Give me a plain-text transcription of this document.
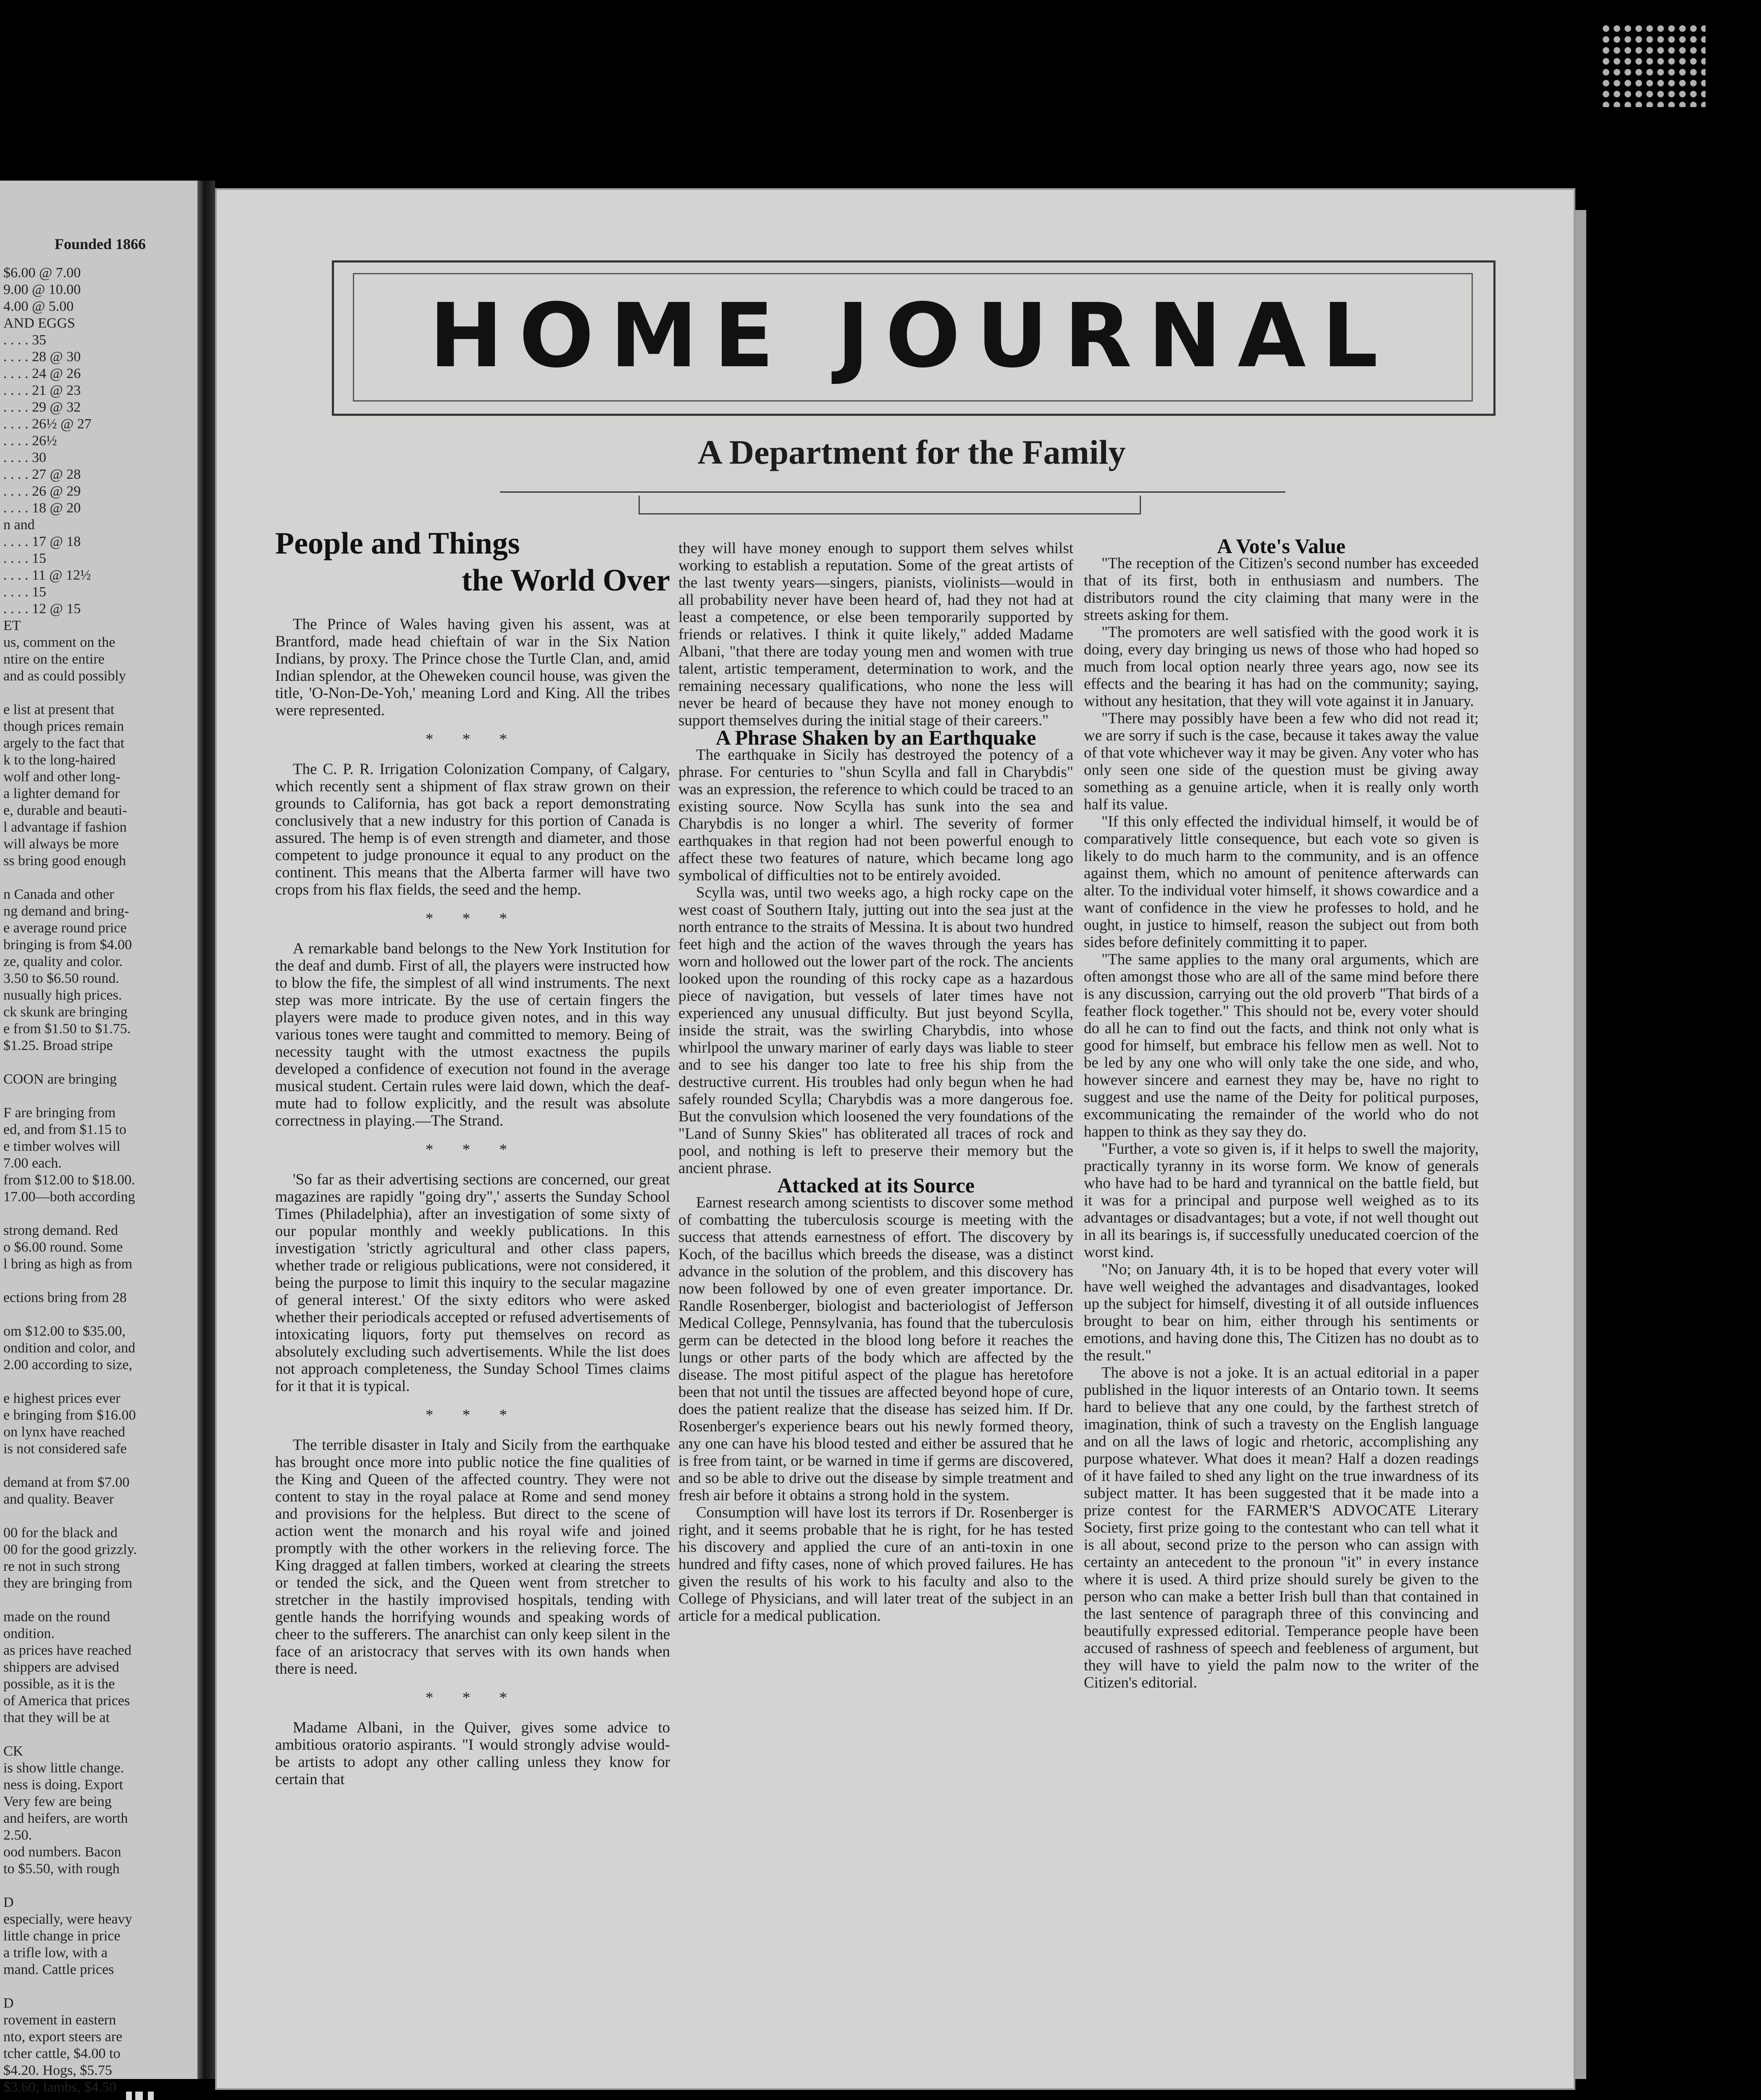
Founded 1866
$6.00 @ 7.00
9.00 @ 10.00
4.00 @ 5.00
AND EGGS
. . . . 35
. . . . 28 @ 30
. . . . 24 @ 26
. . . . 21 @ 23
. . . . 29 @ 32
. . . . 26½ @ 27
. . . . 26½
. . . . 30
. . . . 27 @ 28
. . . . 26 @ 29
. . . . 18 @ 20
n and
. . . . 17 @ 18
. . . . 15
. . . . 11 @ 12½
. . . . 15
. . . . 12 @ 15
ET
us, comment on the
ntire on the entire
and as could possibly

e list at present that
though prices remain
argely to the fact that
k to the long-haired
wolf and other long-
a lighter demand for
e, durable and beauti-
l advantage if fashion
will always be more
ss bring good enough

n Canada and other
ng demand and bring-
e average round price
bringing is from $4.00
ze, quality and color.
3.50 to $6.50 round.
nusually high prices.
ck skunk are bringing
e from $1.50 to $1.75.
$1.25. Broad stripe

COON are bringing

F are bringing from
ed, and from $1.15 to
e timber wolves will
7.00 each.
from $12.00 to $18.00.
17.00—both according

strong demand. Red
o $6.00 round. Some
l bring as high as from

ections bring from 28

om $12.00 to $35.00,
ondition and color, and
2.00 according to size,

e highest prices ever
e bringing from $16.00
on lynx have reached
is not considered safe

demand at from $7.00
and quality. Beaver

00 for the black and
00 for the good grizzly.
re not in such strong
they are bringing from

made on the round
ondition.
as prices have reached
shippers are advised
possible, as it is the
of America that prices
that they will be at

CK
is show little change.
ness is doing. Export
Very few are being
and heifers, are worth
2.50.
ood numbers. Bacon
to $5.50, with rough

D
especially, were heavy
little change in price
a trifle low, with a
mand. Cattle prices

D
rovement in eastern
nto, export steers are
tcher cattle, $4.00 to
$4.20. Hogs, $5.75
$3.60; lambs, $4.50
HOME JOURNAL
A Department for the Family
People and Things
the World Over

The Prince of Wales having given his assent, was at Brantford, made head chieftain of war in the Six Nation Indians, by proxy. The Prince chose the Turtle Clan, and, amid Indian splendor, at the Oheweken council house, was given the title, 'O-Non-De-Yoh,' meaning Lord and King. All the tribes were represented.

* * *

The C. P. R. Irrigation Colonization Company, of Calgary, which recently sent a shipment of flax straw grown on their grounds to California, has got back a report demonstrating conclusively that a new industry for this portion of Canada is assured. The hemp is of even strength and diameter, and those competent to judge pronounce it equal to any product on the continent. This means that the Alberta farmer will have two crops from his flax fields, the seed and the hemp.

* * *

A remarkable band belongs to the New York Institution for the deaf and dumb. First of all, the players were instructed how to blow the fife, the simplest of all wind instruments. The next step was more intricate. By the use of certain fingers the players were made to produce given notes, and in this way various tones were taught and committed to memory. Being of necessity taught with the utmost exactness the pupils developed a confidence of execution not found in the average musical student. Certain rules were laid down, which the deaf-mute had to follow explicitly, and the result was absolute correctness in playing.—The Strand.

* * *

'So far as their advertising sections are concerned, our great magazines are rapidly "going dry",' asserts the Sunday School Times (Philadelphia), after an investigation of some sixty of our popular monthly and weekly publications. In this investigation 'strictly agricultural and other class papers, whether trade or religious publications, were not considered, it being the purpose to limit this inquiry to the secular magazine of general interest.' Of the sixty editors who were asked whether their periodicals accepted or refused advertisements of intoxicating liquors, forty put themselves on record as absolutely excluding such advertisements. While the list does not approach completeness, the Sunday School Times claims for it that it is typical.

* * *

The terrible disaster in Italy and Sicily from the earthquake has brought once more into public notice the fine qualities of the King and Queen of the affected country. They were not content to stay in the royal palace at Rome and send money and provisions for the helpless. But direct to the scene of action went the monarch and his royal wife and joined promptly with the other workers in the relieving force. The King dragged at fallen timbers, worked at clearing the streets or tended the sick, and the Queen went from stretcher to stretcher in the hastily improvised hospitals, tending with gentle hands the horrifying wounds and speaking words of cheer to the sufferers. The anarchist can only keep silent in the face of an aristocracy that serves with its own hands when there is need.

* * *

Madame Albani, in the Quiver, gives some advice to ambitious oratorio aspirants. "I would strongly advise would-be artists to adopt any other calling unless they know for certain that

they will have money enough to support them selves whilst working to establish a reputation. Some of the great artists of the last twenty years—singers, pianists, violinists—would in all probability never have been heard of, had they not had at least a competence, or else been temporarily supported by friends or relatives. I think it quite likely," added Madame Albani, "that there are today young men and women with true talent, artistic temperament, determination to work, and the remaining necessary qualifications, who none the less will never be heard of because they have not money enough to support themselves during the initial stage of their careers."

A Phrase Shaken by an Earthquake

The earthquake in Sicily has destroyed the potency of a phrase. For centuries to "shun Scylla and fall in Charybdis" was an expression, the reference to which could be traced to an existing source. Now Scylla has sunk into the sea and Charybdis is no longer a whirl. The severity of former earthquakes in that region had not been powerful enough to affect these two features of nature, which became long ago symbolical of difficulties not to be entirely avoided.

Scylla was, until two weeks ago, a high rocky cape on the west coast of Southern Italy, jutting out into the sea just at the north entrance to the straits of Messina. It is about two hundred feet high and the action of the waves through the years has worn and hollowed out the lower part of the rock. The ancients looked upon the rounding of this rocky cape as a hazardous piece of navigation, but vessels of later times have not experienced any unusual difficulty. But just beyond Scylla, inside the strait, was the swirling Charybdis, into whose whirlpool the unwary mariner of early days was liable to steer and to see his danger too late to free his ship from the destructive current. His troubles had only begun when he had safely rounded Scylla; Charybdis was a more dangerous foe. But the convulsion which loosened the very foundations of the "Land of Sunny Skies" has obliterated all traces of rock and pool, and nothing is left to preserve their memory but the ancient phrase.

Attacked at its Source

Earnest research among scientists to discover some method of combatting the tuberculosis scourge is meeting with the success that attends earnestness of effort. The discovery by Koch, of the bacillus which breeds the disease, was a distinct advance in the solution of the problem, and this discovery has now been followed by one of even greater importance. Dr. Randle Rosenberger, biologist and bacteriologist of Jefferson Medical College, Pennsylvania, has found that the tuberculosis germ can be detected in the blood long before it reaches the lungs or other parts of the body which are affected by the disease. The most pitiful aspect of the plague has heretofore been that not until the tissues are affected beyond hope of cure, does the patient realize that the disease has seized him. If Dr. Rosenberger's experience bears out his newly formed theory, any one can have his blood tested and either be assured that he is free from taint, or be warned in time if germs are discovered, and so be able to drive out the disease by simple treatment and fresh air before it obtains a strong hold in the system.

Consumption will have lost its terrors if Dr. Rosenberger is right, and it seems probable that he is right, for he has tested his discovery and applied the cure of an anti-toxin in one hundred and fifty cases, none of which proved failures. He has given the results of his work to his faculty and also to the College of Physicians, and will later treat of the subject in an article for a medical publication.

A Vote's Value

"The reception of the Citizen's second number has exceeded that of its first, both in enthusiasm and numbers. The distributors round the city claiming that many were in the streets asking for them.

"The promoters are well satisfied with the good work it is doing, every day bringing us news of those who had hoped so much from local option nearly three years ago, now see its effects and the bearing it has had on the community; saying, without any hesitation, that they will vote against it in January.

"There may possibly have been a few who did not read it; we are sorry if such is the case, because it takes away the value of that vote whichever way it may be given. Any voter who has only seen one side of the question must be giving away something as a genuine article, when it is really only worth half its value.

"If this only effected the individual himself, it would be of comparatively little consequence, but each vote so given is likely to do much harm to the community, and is an offence against them, which no amount of penitence afterwards can alter. To the individual voter himself, it shows cowardice and a want of confidence in the view he professes to hold, and he ought, in justice to himself, reason the subject out from both sides before definitely committing it to paper.

"The same applies to the many oral arguments, which are often amongst those who are all of the same mind before there is any discussion, carrying out the old proverb "That birds of a feather flock together." This should not be, every voter should do all he can to find out the facts, and think not only what is good for himself, but embrace his fellow men as well. Not to be led by any one who will only take the one side, and who, however sincere and earnest they may be, have no right to suggest and use the name of the Deity for political purposes, excommunicating the remainder of the world who do not happen to think as they say they do.

"Further, a vote so given is, if it helps to swell the majority, practically tyranny in its worse form. We know of generals who have had to be hard and tyrannical on the battle field, but it was for a principal and purpose well weighed as to its advantages or disadvantages; but a vote, if not well thought out in all its bearings is, if successfully uneducated coercion of the worst kind.

"No; on January 4th, it is to be hoped that every voter will have well weighed the advantages and disadvantages, looked up the subject for himself, divesting it of all outside influences brought to bear on him, either through his sentiments or emotions, and having done this, The Citizen has no doubt as to the result."

The above is not a joke. It is an actual editorial in a paper published in the liquor interests of an Ontario town. It seems hard to believe that any one could, by the farthest stretch of imagination, think of such a travesty on the English language and on all the laws of logic and rhetoric, accomplishing any purpose whatever. What does it mean? Half a dozen readings of it have failed to shed any light on the true inwardness of its subject matter. It has been suggested that it be made into a prize contest for the FARMER'S ADVOCATE Literary Society, first prize going to the contestant who can tell what it is all about, second prize to the person who can assign with certainty an antecedent to the pronoun "it" in every instance where it is used. A third prize should surely be given to the person who can make a better Irish bull than that contained in the last sentence of paragraph three of this convincing and beautifully expressed editorial. Temperance people have been accused of rashness of speech and feebleness of argument, but they will have to yield the palm now to the writer of the Citizen's editorial.
